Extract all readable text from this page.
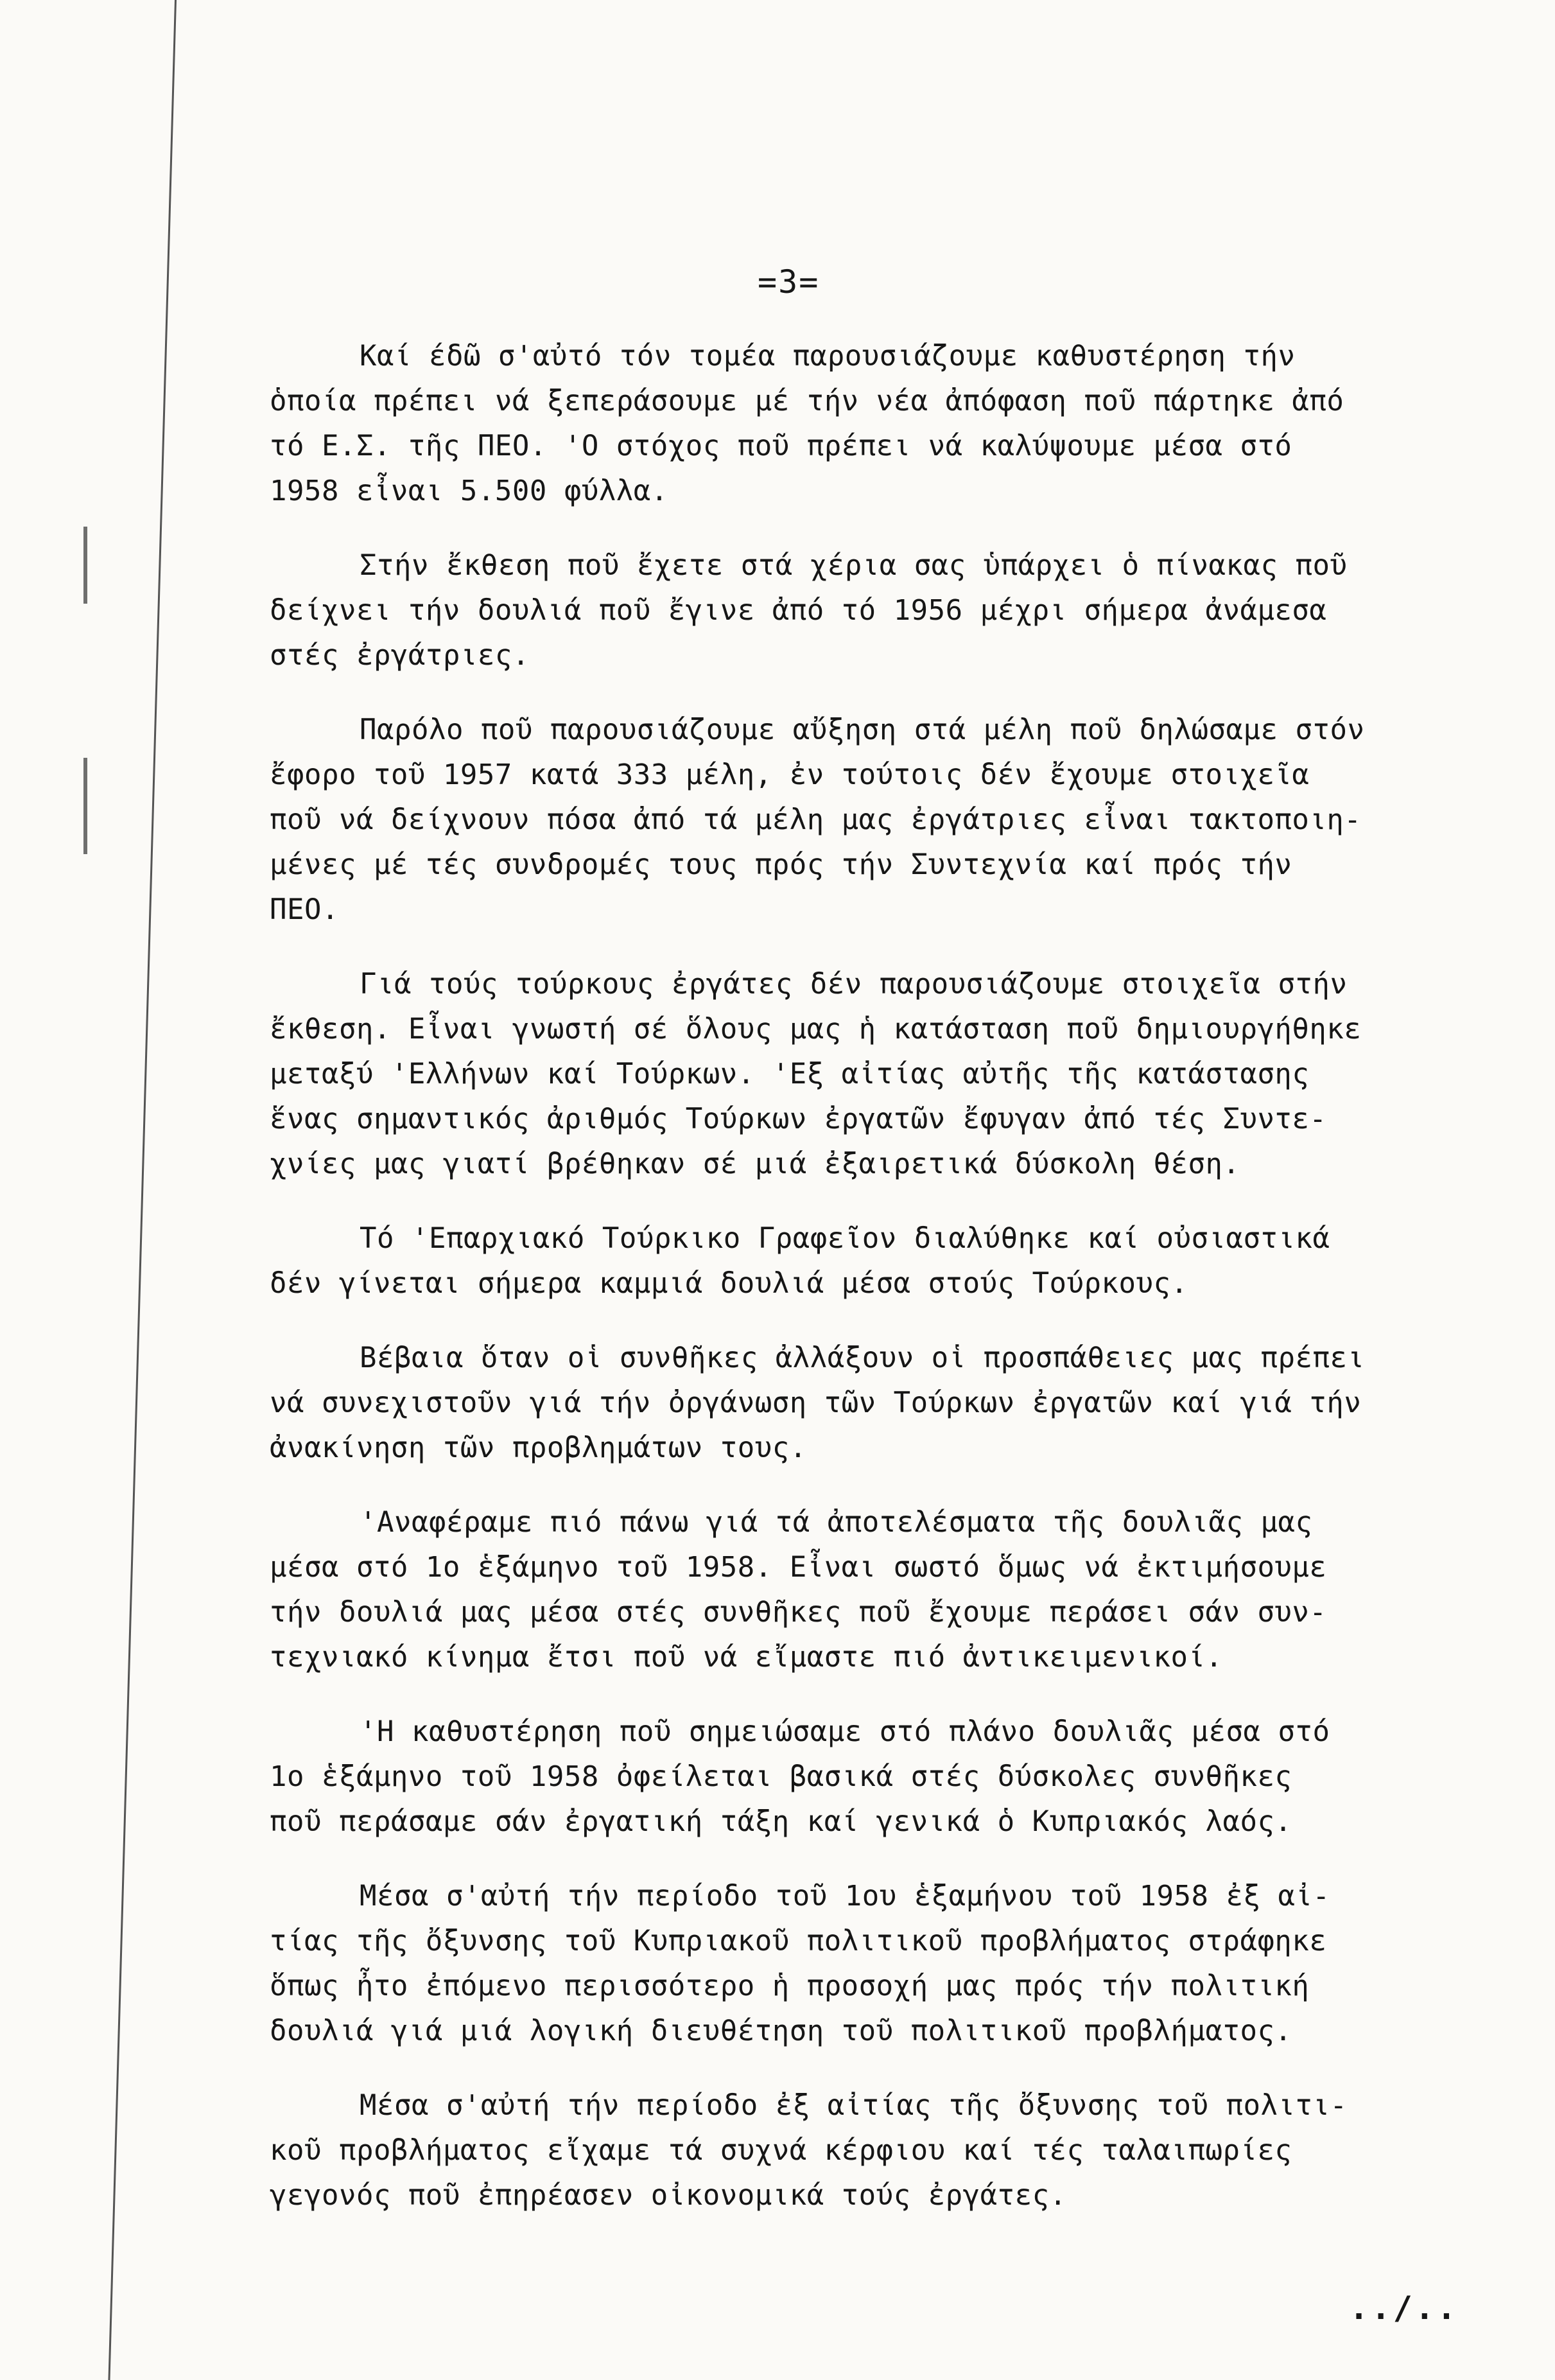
=3=

Καί έδῶ σ'αὐτό τόν τομέα παρουσιάζουμε καθυστέρηση τήν
ὁποία πρέπει νά ξεπεράσουμε μέ τήν νέα ἀπόφαση ποῦ πάρτηκε ἀπό
τό Ε.Σ. τῆς ΠΕΟ. 'Ο στόχος ποῦ πρέπει νά καλύψουμε μέσα στό
1958 εἶναι 5.500 φύλλα.

Στήν ἔκθεση ποῦ ἔχετε στά χέρια σας ὑπάρχει ὁ πίνακας ποῦ
δείχνει τήν δουλιά ποῦ ἔγινε ἀπό τό 1956 μέχρι σήμερα ἀνάμεσα
στές ἐργάτριες.

Παρόλο ποῦ παρουσιάζουμε αὔξηση στά μέλη ποῦ δηλώσαμε στόν
ἔφορο τοῦ 1957 κατά 333 μέλη, ἐν τούτοις δέν ἔχουμε στοιχεῖα
ποῦ νά δείχνουν πόσα ἀπό τά μέλη μας ἐργάτριες εἶναι τακτοποιη-
μένες μέ τές συνδρομές τους πρός τήν Συντεχνία καί πρός τήν
ΠΕΟ.

Γιά τούς τούρκους ἐργάτες δέν παρουσιάζουμε στοιχεῖα στήν
ἔκθεση. Εἶναι γνωστή σέ ὅλους μας ἡ κατάσταση ποῦ δημιουργήθηκε
μεταξύ 'Ελλήνων καί Τούρκων. 'Εξ αἰτίας αὐτῆς τῆς κατάστασης
ἕνας σημαντικός ἀριθμός Τούρκων ἐργατῶν ἔφυγαν ἀπό τές Συντε-
χνίες μας γιατί βρέθηκαν σέ μιά ἐξαιρετικά δύσκολη θέση.

Τό 'Επαρχιακό Τούρκικο Γραφεῖον διαλύθηκε καί οὐσιαστικά
δέν γίνεται σήμερα καμμιά δουλιά μέσα στούς Τούρκους.

Βέβαια ὅταν οἱ συνθῆκες ἀλλάξουν οἱ προσπάθειες μας πρέπει
νά συνεχιστοῦν γιά τήν ὀργάνωση τῶν Τούρκων ἐργατῶν καί γιά τήν
ἀνακίνηση τῶν προβλημάτων τους.

'Αναφέραμε πιό πάνω γιά τά ἀποτελέσματα τῆς δουλιᾶς μας
μέσα στό 1ο ἑξάμηνο τοῦ 1958. Εἶναι σωστό ὅμως νά ἐκτιμήσουμε
τήν δουλιά μας μέσα στές συνθῆκες ποῦ ἔχουμε περάσει σάν συν-
τεχνιακό κίνημα ἔτσι ποῦ νά εἴμαστε πιό ἀντικειμενικοί.

'Η καθυστέρηση ποῦ σημειώσαμε στό πλάνο δουλιᾶς μέσα στό
1ο ἑξάμηνο τοῦ 1958 ὀφείλεται βασικά στές δύσκολες συνθῆκες
ποῦ περάσαμε σάν ἐργατική τάξη καί γενικά ὁ Κυπριακός λαός.

Μέσα σ'αὐτή τήν περίοδο τοῦ 1ου ἑξαμήνου τοῦ 1958 ἐξ αἰ-
τίας τῆς ὄξυνσης τοῦ Κυπριακοῦ πολιτικοῦ προβλήματος στράφηκε
ὅπως ἦτο ἐπόμενο περισσότερο ἡ προσοχή μας πρός τήν πολιτική
δουλιά γιά μιά λογική διευθέτηση τοῦ πολιτικοῦ προβλήματος.

Μέσα σ'αὐτή τήν περίοδο ἐξ αἰτίας τῆς ὄξυνσης τοῦ πολιτι-
κοῦ προβλήματος εἴχαμε τά συχνά κέρφιου καί τές ταλαιπωρίες
γεγονός ποῦ ἐπηρέασεν οἰκονομικά τούς ἐργάτες.

../..
